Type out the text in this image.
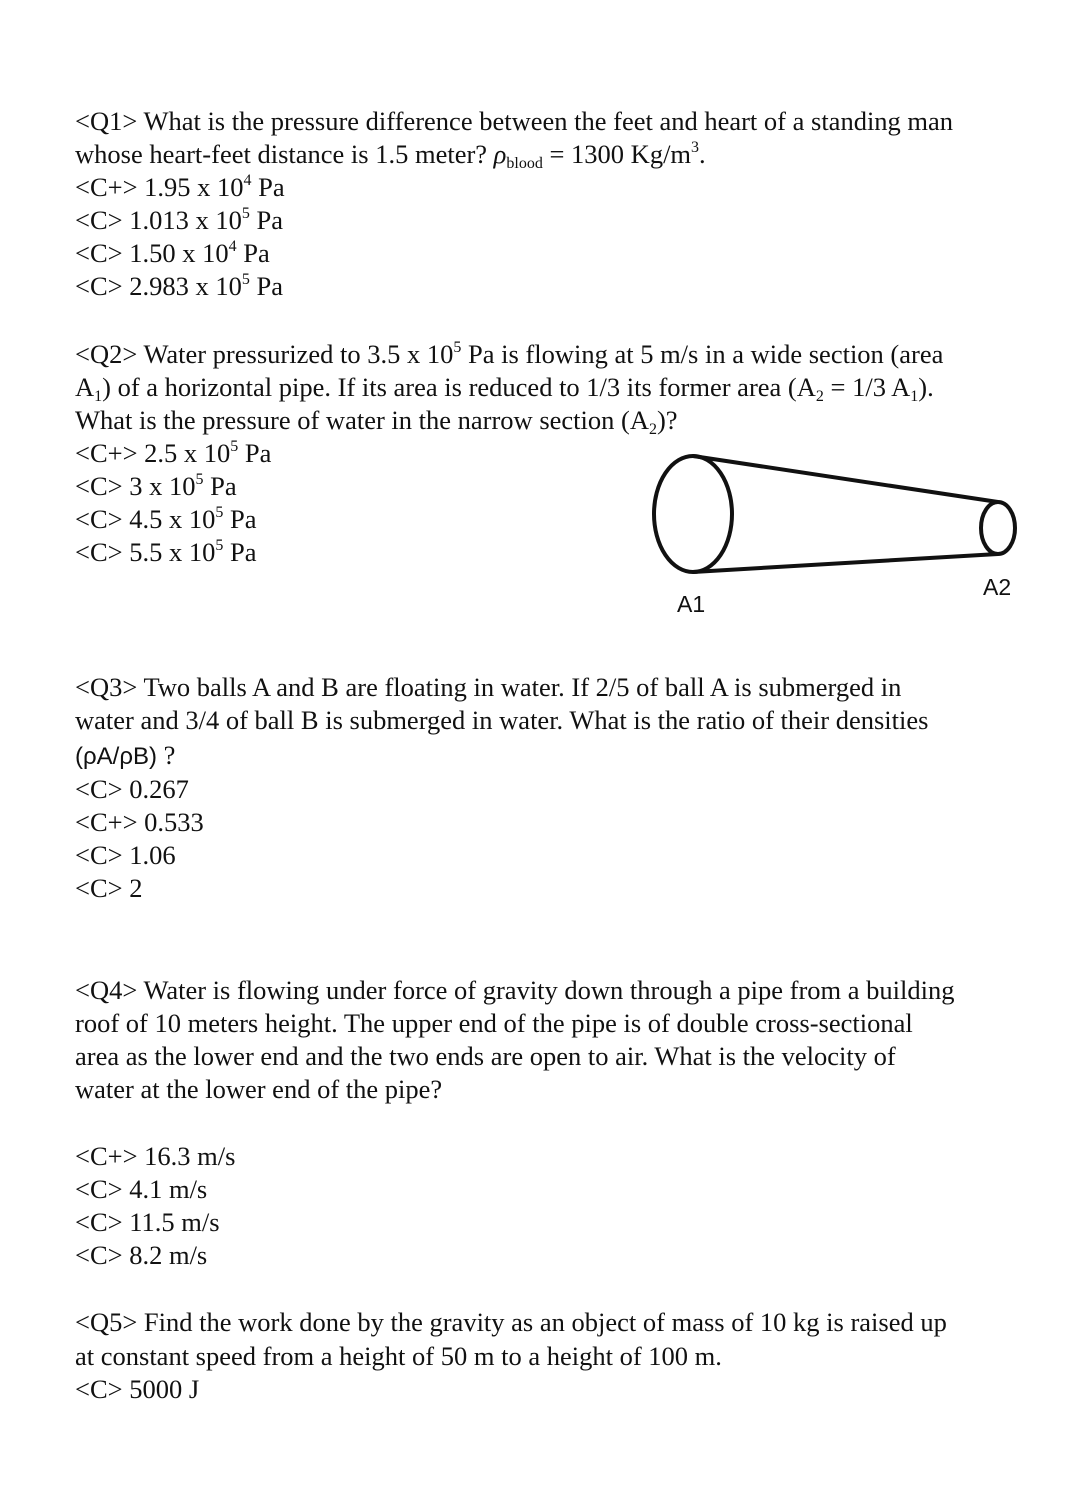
<Q1> What is the pressure difference between the feet and heart of a standing man
whose heart-feet distance is 1.5 meter? $\rho_{blood} = 1300$ $Kg/m^3$.
<C+> 1.95 x $10^4$ Pa
<C> 1.013 x $10^5$ Pa
<C> 1.50 x $10^4$ Pa
<C> 2.983 x $10^5$ Pa
<Q2> Water pressurized to 3.5 x $10^5$ Pa is flowing at 5 m/s in a wide section (area
$A_1$) of a horizontal pipe. If its area is reduced to 1/3 its former area ($A_2 = 1/3$ $A_1$).
What is the pressure of water in the narrow section $(A_2)$?
<C+> 2.5 x $10^5$ Pa
<C> 3 x $10^5$ Pa
<C> 4.5 x $10^5$ Pa
<C> 5.5 x $10^5$ Pa
A1
A2
<Q3> Two balls A and B are floating in water. If 2/5 of ball A is submerged in
water and 3/4 of ball B is submerged in water. What is the ratio of their densities
(ρA/ρB) ?
<C> 0.267
<C+> 0.533
<C> 1.06
<C> 2
<Q4> Water is flowing under force of gravity down through a pipe from a building
roof of 10 meters height. The upper end of the pipe is of double cross-sectional
area as the lower end and the two ends are open to air. What is the velocity of
water at the lower end of the pipe?
<C+> 16.3 m/s
<C> 4.1 m/s
<C> 11.5 m/s
<C> 8.2 m/s
<Q5> Find the work done by the gravity as an object of mass of 10 kg is raised up
at constant speed from a height of 50 m to a height of 100 m.
<C> 5000 J
